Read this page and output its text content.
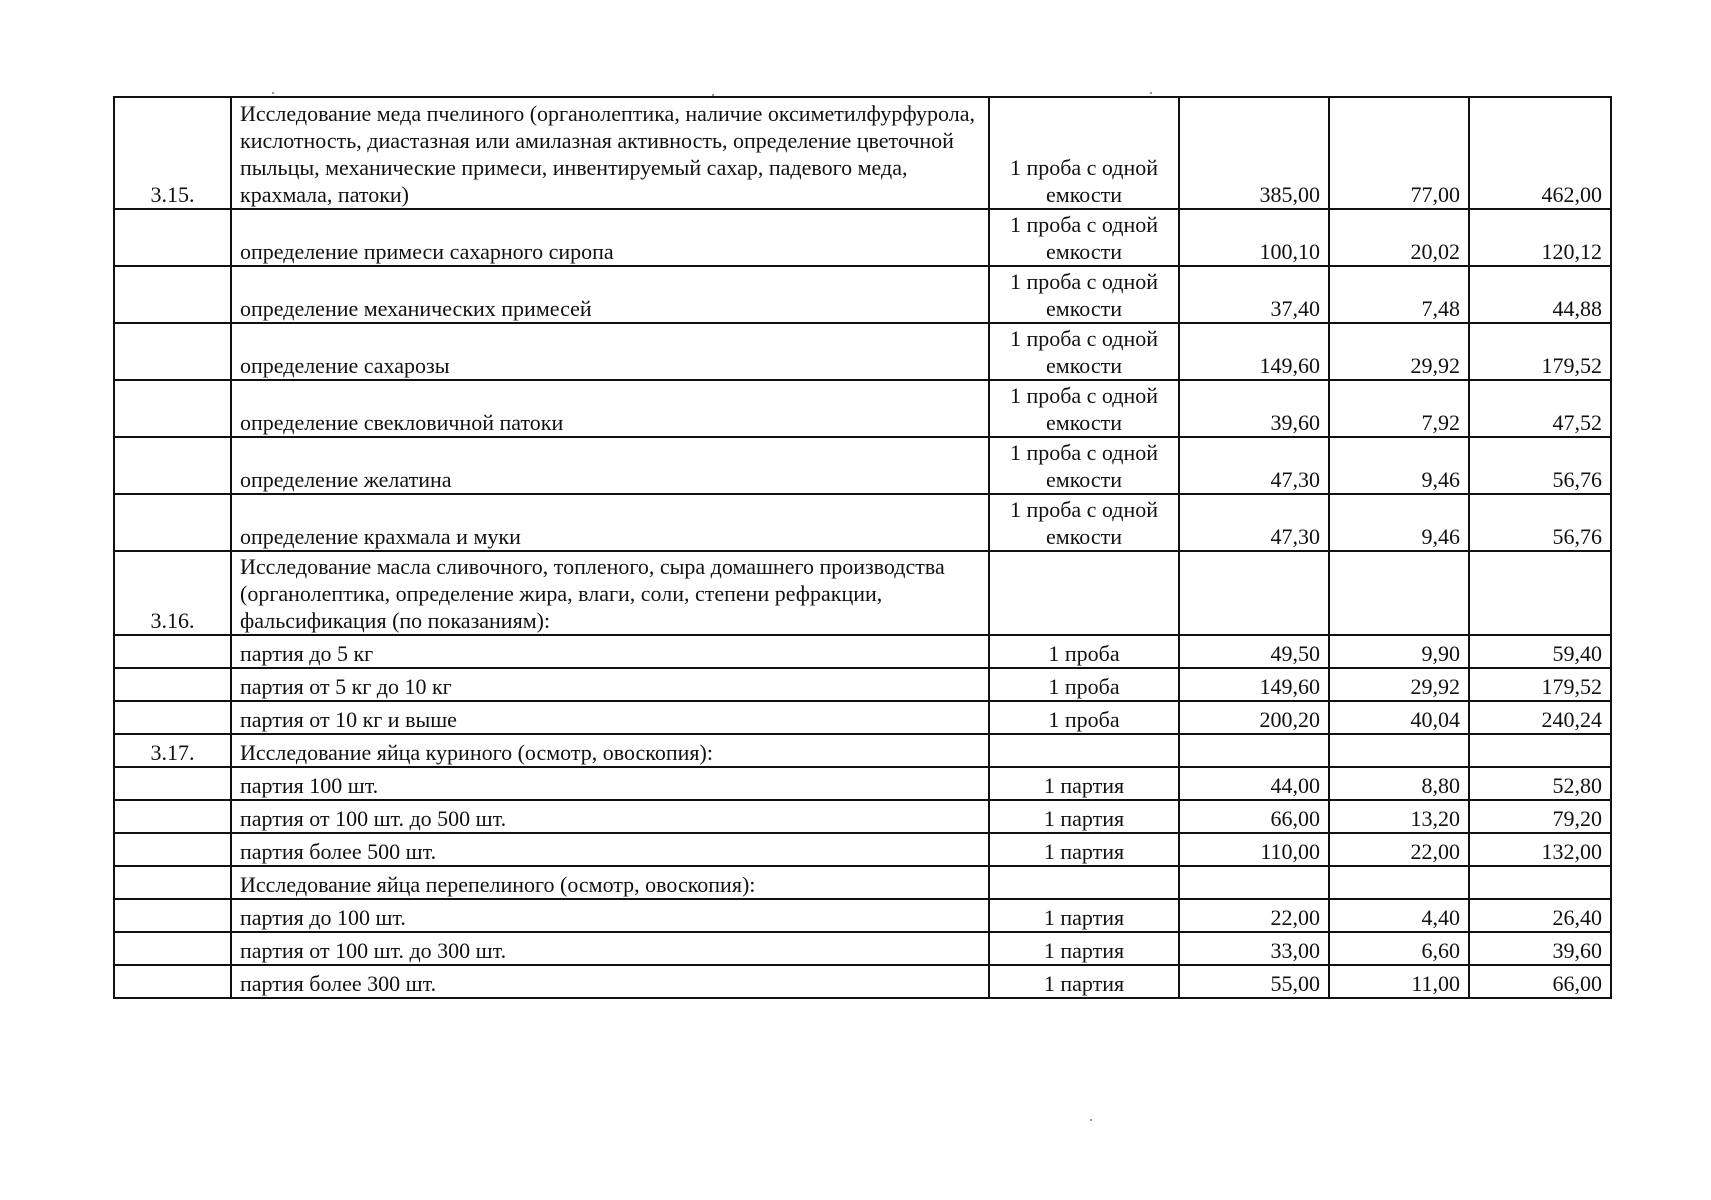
3.15.	Исследование меда пчелиного (органолептика, наличие оксиметилфурфурола, кислотность, диастазная или амилазная активность, определение цветочной пыльцы, механические примеси, инвентируемый сахар, падевого меда, крахмала, патоки)	1 проба с одной емкости	385,00	77,00	462,00
	определение примеси сахарного сиропа	1 проба с одной емкости	100,10	20,02	120,12
	определение механических примесей	1 проба с одной емкости	37,40	7,48	44,88
	определение сахарозы	1 проба с одной емкости	149,60	29,92	179,52
	определение свекловичной патоки	1 проба с одной емкости	39,60	7,92	47,52
	определение желатина	1 проба с одной емкости	47,30	9,46	56,76
	определение крахмала и муки	1 проба с одной емкости	47,30	9,46	56,76
3.16.	Исследование масла сливочного, топленого, сыра домашнего производства (органолептика, определение жира, влаги, соли, степени рефракции, фальсификация (по показаниям):				
	партия до 5 кг	1 проба	49,50	9,90	59,40
	партия от 5 кг до 10 кг	1 проба	149,60	29,92	179,52
	партия от 10 кг и выше	1 проба	200,20	40,04	240,24
3.17.	Исследование яйца куриного (осмотр, овоскопия):				
	партия 100 шт.	1 партия	44,00	8,80	52,80
	партия от 100 шт. до 500 шт.	1 партия	66,00	13,20	79,20
	партия более 500 шт.	1 партия	110,00	22,00	132,00
	Исследование яйца перепелиного (осмотр, овоскопия):				
	партия до 100 шт.	1 партия	22,00	4,40	26,40
	партия от 100 шт. до 300 шт.	1 партия	33,00	6,60	39,60
	партия более 300 шт.	1 партия	55,00	11,00	66,00
